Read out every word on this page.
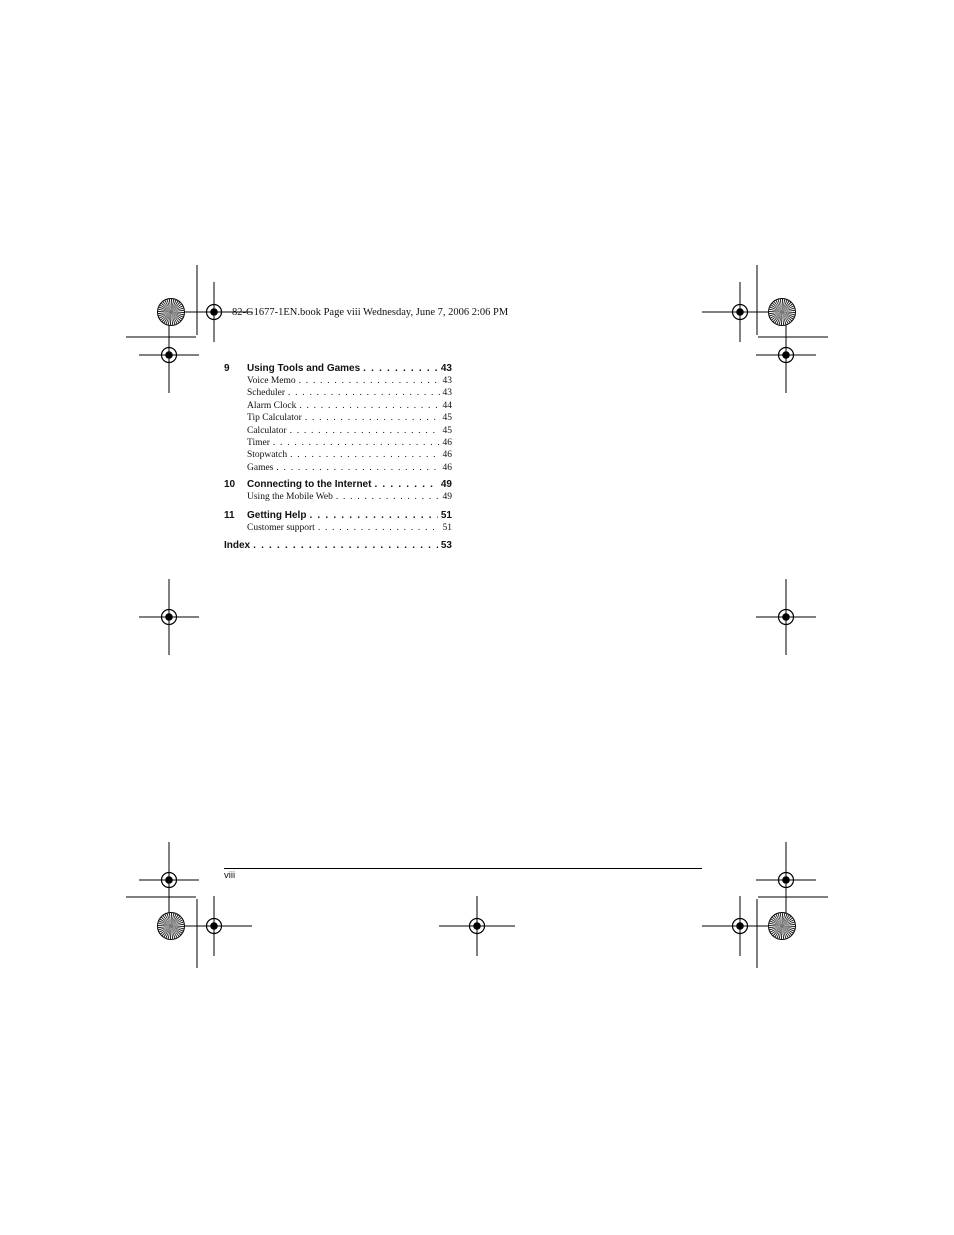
82-G1677-1EN.book Page viii Wednesday, June 7, 2006 2:06 PM
9	Using Tools and Games . . .	43
Voice Memo . . .	43
Scheduler . . .	43
Alarm Clock . . .	44
Tip Calculator . . .	45
Calculator . . .	45
Timer . . .	46
Stopwatch . . .	46
Games . . .	46
10	Connecting to the Internet . . .	49
Using the Mobile Web . . .	49
11	Getting Help . . .	51
Customer support . . .	51
Index . . .	53
viii
